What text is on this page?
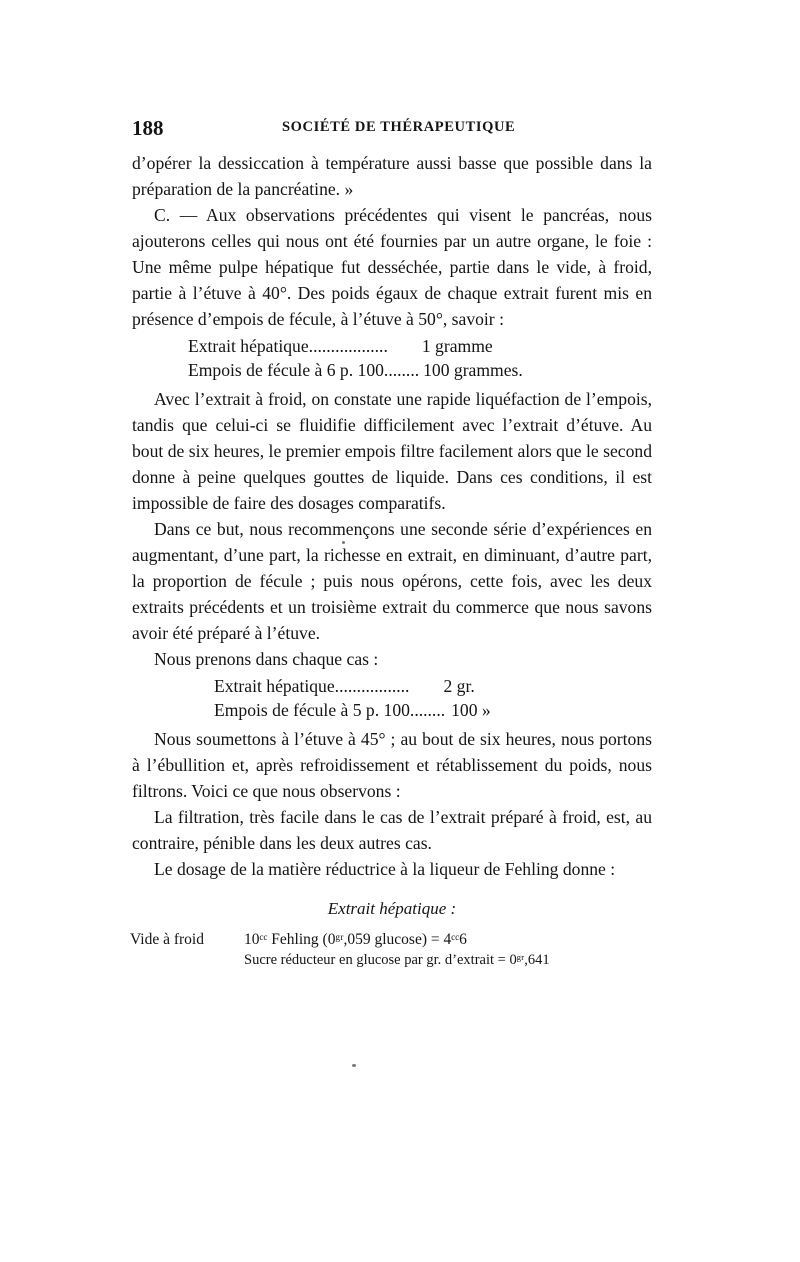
188	SOCIÉTÉ DE THÉRAPEUTIQUE

d’opérer la dessiccation à température aussi basse que possible dans la préparation de la pancréatine. »

C. — Aux observations précédentes qui visent le pancréas, nous ajouterons celles qui nous ont été fournies par un autre organe, le foie : Une même pulpe hépatique fut desséchée, partie dans le vide, à froid, partie à l’étuve à 40°. Des poids égaux de chaque extrait furent mis en présence d’empois de fécule, à l’étuve à 50°, savoir :

Extrait hépatique .................. 1 gramme
Empois de fécule à 6 p. 100 ........ 100 grammes.

Avec l’extrait à froid, on constate une rapide liquéfaction de l’empois, tandis que celui-ci se fluidifie difficilement avec l’extrait d’étuve. Au bout de six heures, le premier empois filtre facilement alors que le second donne à peine quelques gouttes de liquide. Dans ces conditions, il est impossible de faire des dosages comparatifs.

Dans ce but, nous recommençons une seconde série d’expériences en augmentant, d’une part, la richesse en extrait, en diminuant, d’autre part, la proportion de fécule ; puis nous opérons, cette fois, avec les deux extraits précédents et un troisième extrait du commerce que nous savons avoir été préparé à l’étuve.

Nous prenons dans chaque cas :

Extrait hépatique ................. 2 gr.
Empois de fécule à 5 p. 100 ........ 100 »

Nous soumettons à l’étuve à 45° ; au bout de six heures, nous portons à l’ébullition et, après refroidissement et rétablissement du poids, nous filtrons. Voici ce que nous observons :

La filtration, très facile dans le cas de l’extrait préparé à froid, est, au contraire, pénible dans les deux autres cas.

Le dosage de la matière réductrice à la liqueur de Fehling donne :

Extrait hépatique :
Vide à froid	10ᶜᶜ Fehling (0ᵍʳ,059 glucose) = 4ᶜᶜ6
Sucre réducteur en glucose par gr. d’extrait = 0ᵍʳ,641
